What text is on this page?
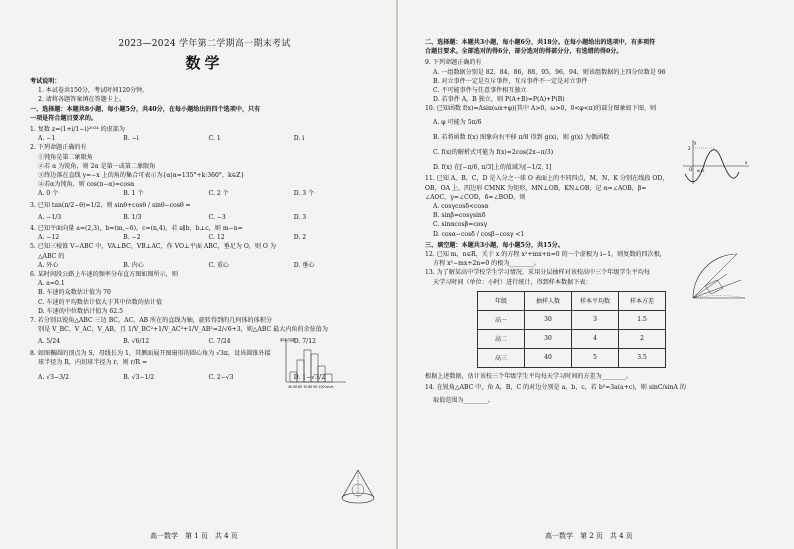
2023—2024 学年第二学期高一期末考试
数学
考试说明：
1. 本试卷共150分，考试时间120分钟。
2. 请将各题答案填在答题卡上。
一、选择题：本题共8小题，每小题5分，共40分，在每小题给出的四个选项中，只有
一项是符合题目要求的。
1. 复数 z=(1+i/1−i)²⁰²⁴ 的虚部为
A. −1	B. −i	C. 1	D. i
2. 下列命题正确的有
①钝角是第二象限角
②若 α 为锐角，则 2α 是第一或第二象限角
③终边落在直线 y=−x 上的角的集合可表示为{α|α=135°+k·360°，k∈Z}
④若α为钝角，则 cos(π−α)=cosα
A. 0 个	B. 1 个	C. 2 个	D. 3 个
3. 已知 tan(π/2−θ)=1/2，则 sinθ+cosθ / sinθ−cosθ =
A. −1/3	B. 1/3	C. −3	D. 3
4. 已知平面向量 a=(2,3)，b=(m,−6)，c=(n,4)，若 a∥b，b⊥c，则 m−n=
A. −12	B. −2	C. 12	D. 2
5. 已知三棱锥 V−ABC 中，VA⊥BC，VB⊥AC，作 VO⊥平面 ABC，垂足为 O，则 O 为
△ABC 的
A. 外心	B. 内心	C. 重心	D. 垂心
6. 某时间段公路上车速的频率分布直方图如图所示，则
A. a=0.1
B. 车速的众数估计值为 70
C. 车速的平均数估计值大于其中位数的估计值
D. 车速的中位数估计值为 62.5
7. 若分别以锐角△ABC 三边 BC，AC，AB 所在的直线为轴，旋转得到的几何体的体积分
别是 V_BC，V_AC，V_AB，且 1/V_BC²+1/V_AC²+1/V_AB²=2/√6+3，则△ABC 最大内角的余弦值为
A. 5/24	B. √6/12	C. 7/24	D. 7/12
8. 如图椭圆的顶点为 S，母线长为 1，其侧面展开图扇形的圆心角为 √3π，设该圆锥外接
球半径为 R，内切球半径为 r，则 r/R =
A. √3−3/2	B. √3−1/2	C. 2−√3	D. 1−√3/2
频率/组距
40 50 60 70 80 90 100 km/h
高一数学　第 1 页　共 4 页
二、选择题：本题共3小题，每小题6分，共18分。在每小题给出的选项中，有多项符
合题目要求。全部选对的得6分，部分选对的得部分分，有选错的得0分。
9. 下列命题正确的有
A. 一组数据分别是 82，84，86，88，95，96，94，则该组数据的上四分位数是 96
B. 对立事件一定是互斥事件，互斥事件不一定是对立事件
C. 不可能事件与任意事件相互独立
D. 若事件 A，B 独立，则 P(A+B)=P(A)+P(B)
10. 已知函数 f(x)=Asin(ωx+φ)(其中 A>0，ω>0，0<φ<π)的部分图象如下图，则
A. φ 可能为 5π/6
B. 若将函数 f(x) 图象向右平移 π/8 得到 g(x)，则 g(x) 为偶函数
C. f(x)的解析式可能为 f(x)=2cos(2x−π/3)
D. f(x) 在[−π/6, π/3]上的值域为[−1/2, 1]
11. 已知 A，B，C，D 是入分之一球 O 表面上的不同四点，M，N，K 分别在线段 OD，
OB，OA 上，四边形 CMNK 为矩形，MN⊥OB，KN⊥OB，记 α=∠AOB，β=
∠AOC，γ=∠COD，δ=∠BOD，则
A. cosγcosδ<cosα
B. sinβ=cosγsinδ
C. sinαcosβ=cosγ
D. cosα−cosδ / cosβ−cosγ <1
三、填空题：本题共3小题，每小题5分，共15分。
12. 已知 m，n∈R，关于 x 的方程 x²+mx+n=0 的一个虚根为 i−1，则复数的四次根，
方程 x²−mx+2n=0 的根为________。
13. 为了解某高中学校学生学习情况，采用分层抽样对该校高中三个年级学生平均每
天学习时间（单位：小时）进行统计，得到样本数据下表：
年级	抽样人数	样本平均数	样本方差
高一	30	3	1.5
高二	30	4	2
高三	40	5	3.5
根据上述数据，估计该校三个年级学生平均每天学习时间的方差为________。
14. 在锐角△ABC 中，角 A，B，C 的对边分别是 a，b，c，若 b²=3a(a+c)，则 sinC/sinA 的
取值范围为________。
y
2
O π/12
x
高一数学　第 2 页　共 4 页
